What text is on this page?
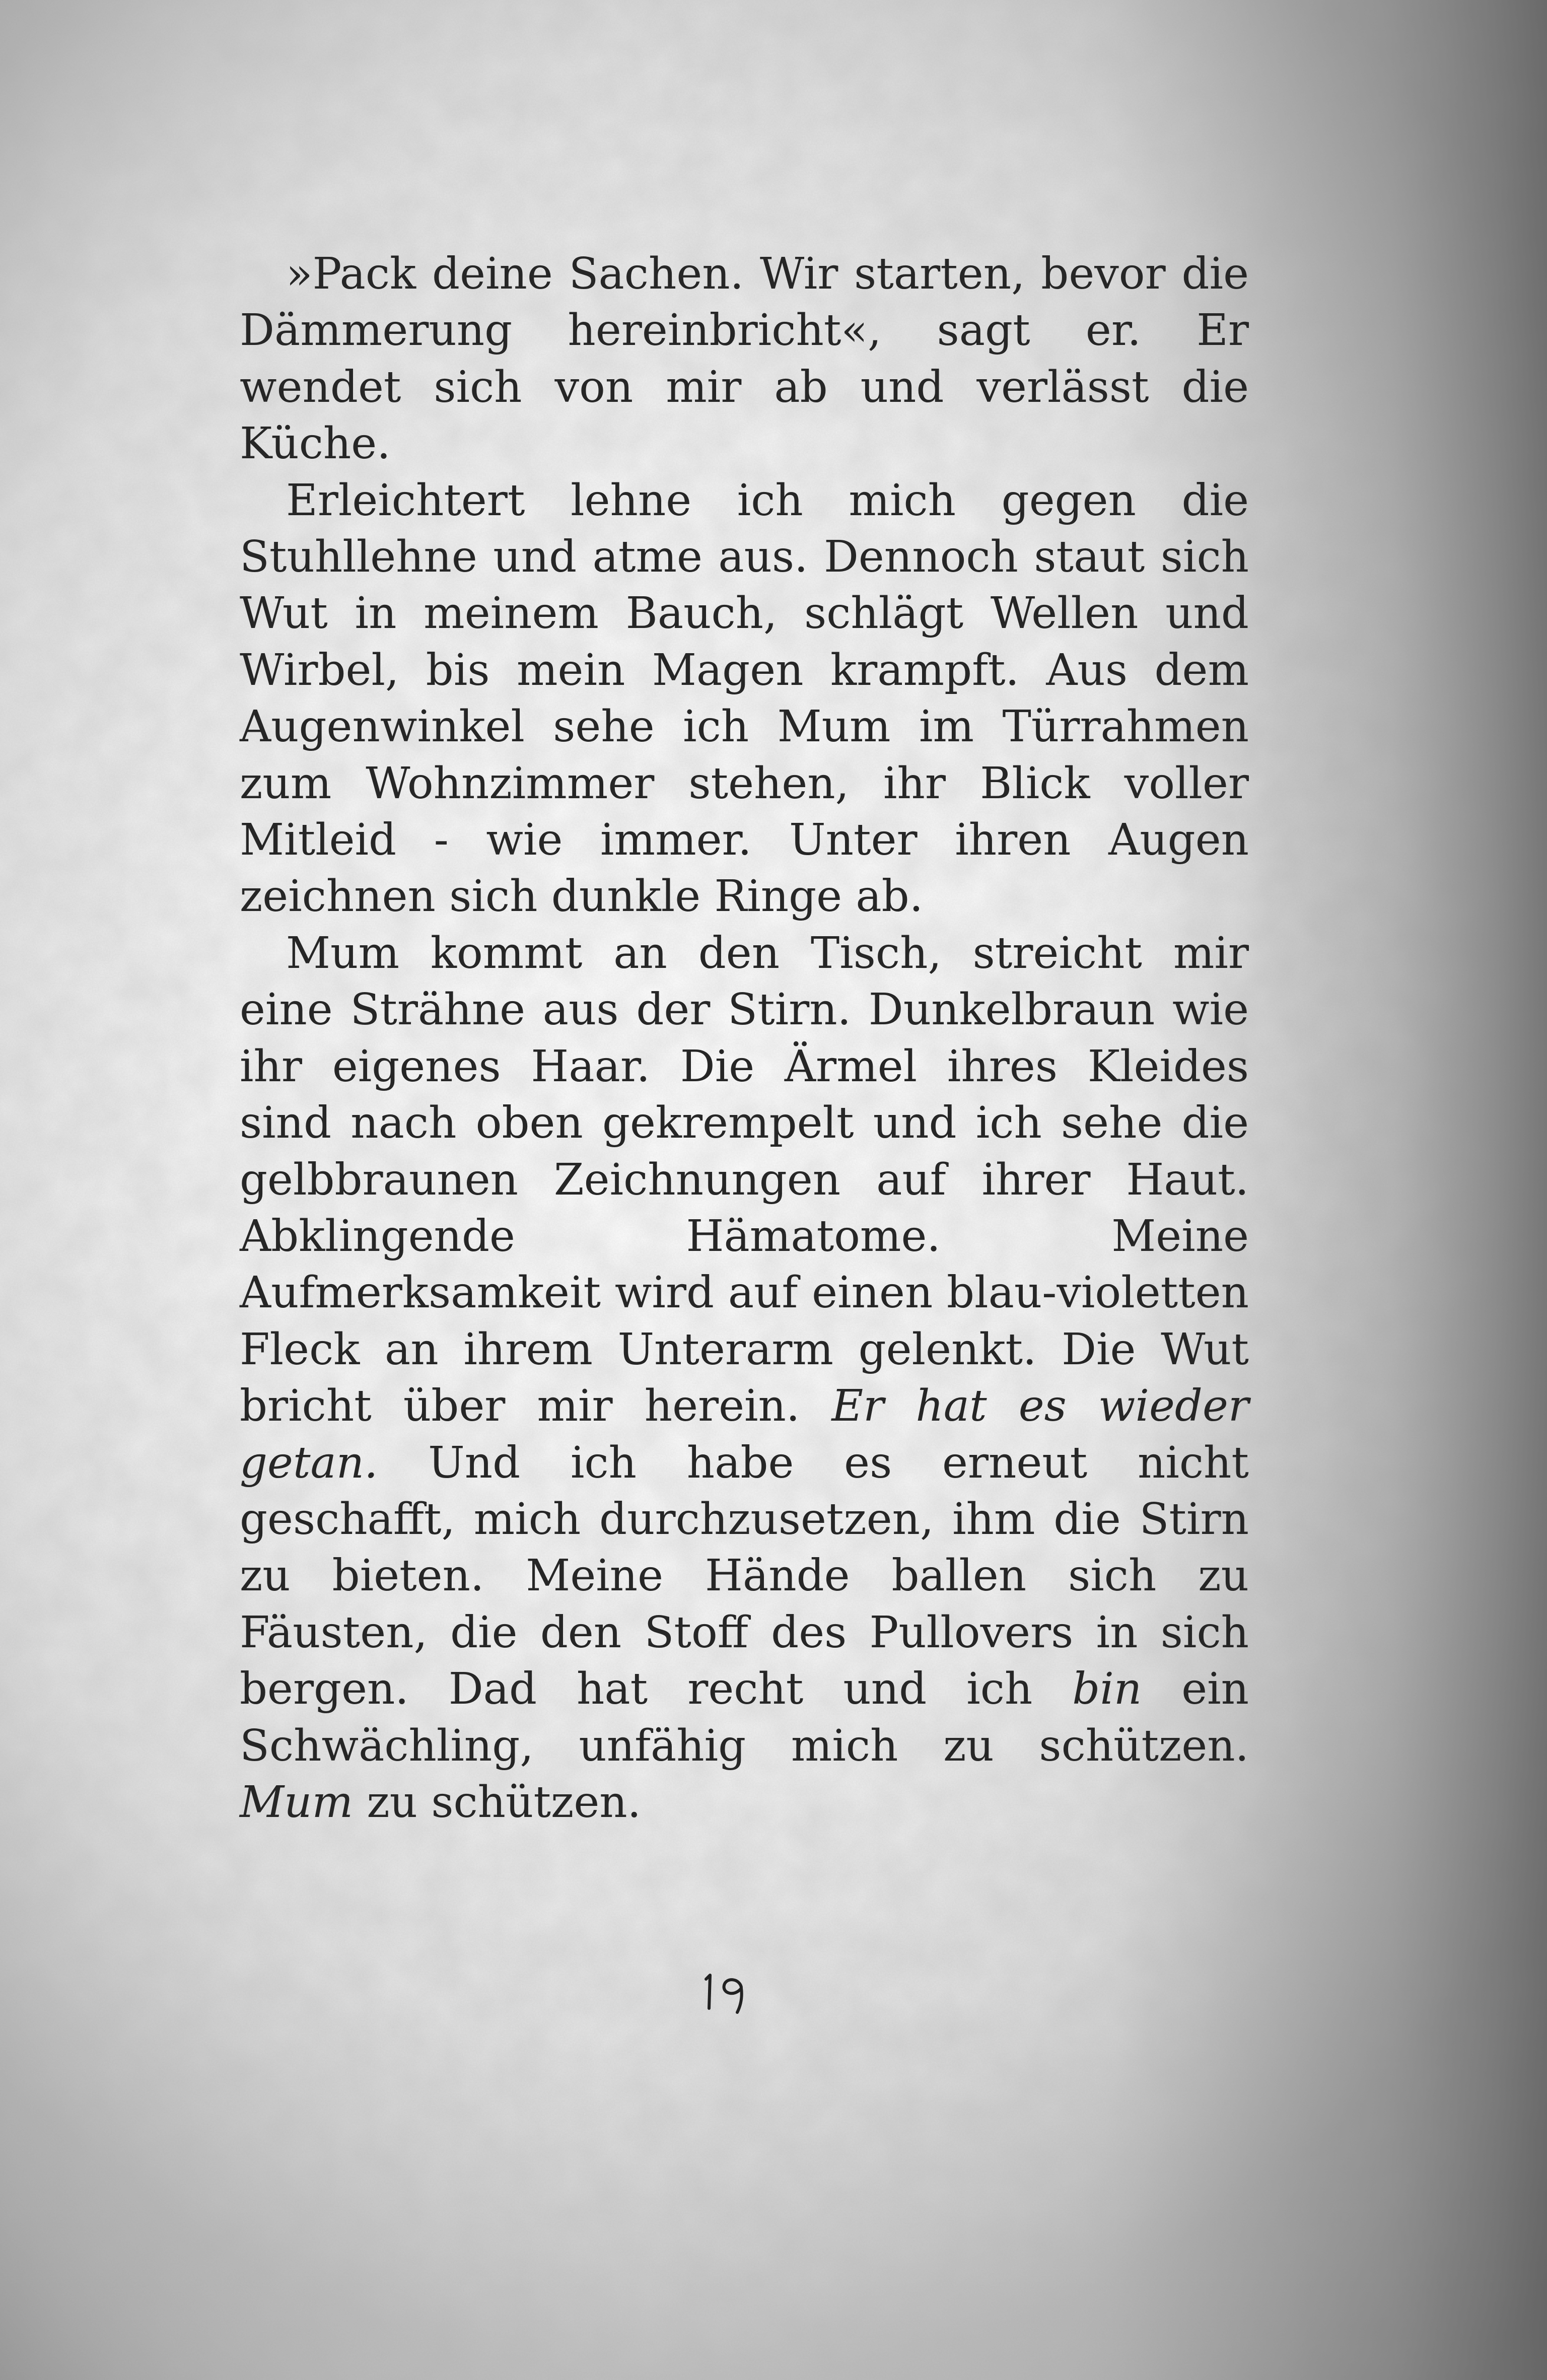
»Pack deine Sachen. Wir starten, bevor die Dämmerung hereinbricht«, sagt er. Er wendet sich von mir ab und verlässt die Küche.

Erleichtert lehne ich mich gegen die Stuhllehne und atme aus. Dennoch staut sich Wut in meinem Bauch, schlägt Wellen und Wirbel, bis mein Magen krampft. Aus dem Augenwinkel sehe ich Mum im Türrahmen zum Wohnzimmer stehen, ihr Blick voller Mitleid - wie immer. Unter ihren Augen zeichnen sich dunkle Ringe ab.

Mum kommt an den Tisch, streicht mir eine Strähne aus der Stirn. Dunkelbraun wie ihr eigenes Haar. Die Ärmel ihres Kleides sind nach oben gekrempelt und ich sehe die gelbbraunen Zeichnungen auf ihrer Haut. Abklingende Hämatome. Meine Aufmerksamkeit wird auf einen blau-violetten Fleck an ihrem Unterarm gelenkt. Die Wut bricht über mir herein. Er hat es wieder getan. Und ich habe es erneut nicht geschafft, mich durchzusetzen, ihm die Stirn zu bieten. Meine Hände ballen sich zu Fäusten, die den Stoff des Pullovers in sich bergen. Dad hat recht und ich bin ein Schwächling, unfähig mich zu schützen. Mum zu schützen.
